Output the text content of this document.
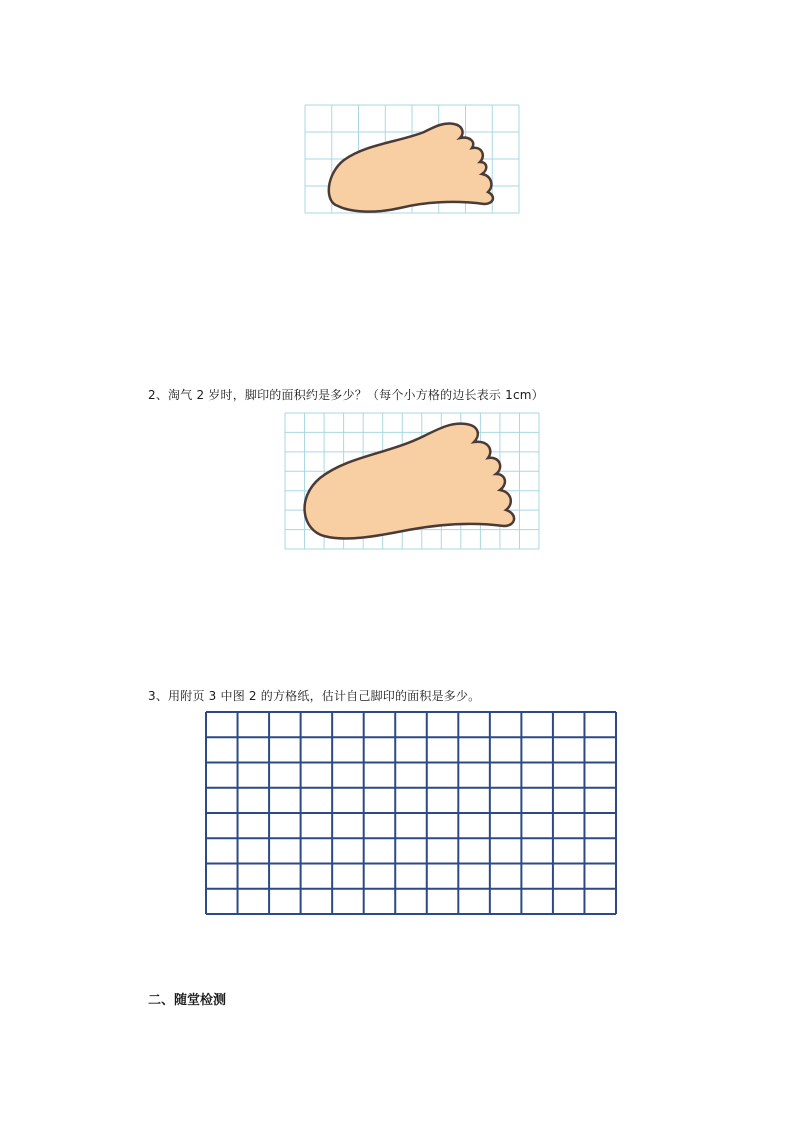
2、淘气 2 岁时，脚印的面积约是多少？（每个小方格的边长表示 1cm）
3、用附页 3 中图 2 的方格纸，估计自己脚印的面积是多少。
二、随堂检测
